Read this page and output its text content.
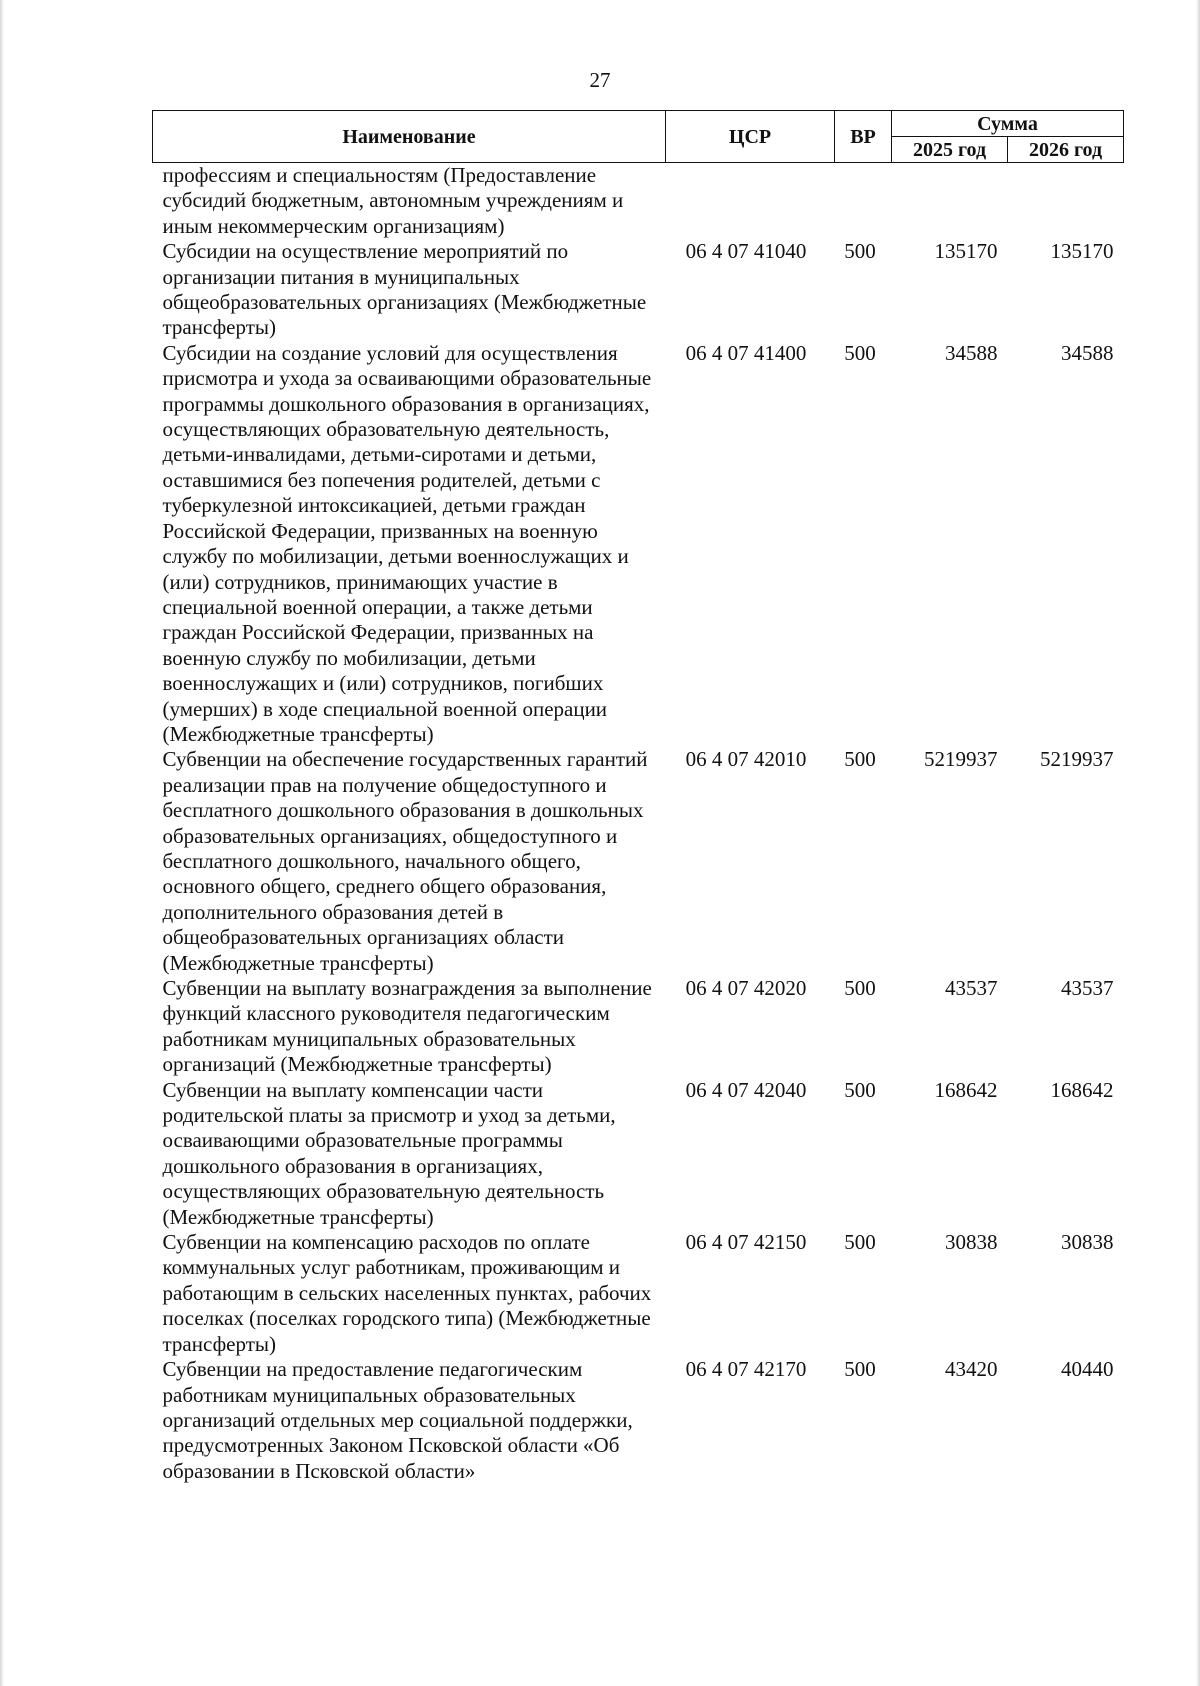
27
Наименование	ЦСР	ВР	Сумма	
			2025 год	2026 год
профессиям и специальностям (Предоставление субсидий бюджетным, автономным учреждениям и иным некоммерческим организациям)				
Субсидии на осуществление мероприятий по организации питания в муниципальных общеобразовательных организациях (Межбюджетные трансферты)	06 4 07 41040	500	135170	135170
Субсидии на создание условий для осуществления присмотра и ухода за осваивающими образовательные программы дошкольного образования в организациях, осуществляющих образовательную деятельность, детьми-инвалидами, детьми-сиротами и детьми, оставшимися без попечения родителей, детьми с туберкулезной интоксикацией, детьми граждан Российской Федерации, призванных на военную службу по мобилизации, детьми военнослужащих и (или) сотрудников, принимающих участие в специальной военной операции, а также детьми граждан Российской Федерации, призванных на военную службу по мобилизации, детьми военнослужащих и (или) сотрудников, погибших (умерших) в ходе специальной военной операции (Межбюджетные трансферты)	06 4 07 41400	500	34588	34588
Субвенции на обеспечение государственных гарантий реализации прав на получение общедоступного и бесплатного дошкольного образования в дошкольных образовательных организациях, общедоступного и бесплатного дошкольного, начального общего, основного общего, среднего общего образования, дополнительного образования детей в общеобразовательных организациях области (Межбюджетные трансферты)	06 4 07 42010	500	5219937	5219937
Субвенции на выплату вознаграждения за выполнение функций классного руководителя педагогическим работникам муниципальных образовательных организаций (Межбюджетные трансферты)	06 4 07 42020	500	43537	43537
Субвенции на выплату компенсации части родительской платы за присмотр и уход за детьми, осваивающими образовательные программы дошкольного образования в организациях, осуществляющих образовательную деятельность (Межбюджетные трансферты)	06 4 07 42040	500	168642	168642
Субвенции на компенсацию расходов по оплате коммунальных услуг работникам, проживающим и работающим в сельских населенных пунктах, рабочих поселках (поселках городского типа) (Межбюджетные трансферты)	06 4 07 42150	500	30838	30838
Субвенции на предоставление педагогическим работникам муниципальных образовательных организаций отдельных мер социальной поддержки, предусмотренных Законом Псковской области «Об образовании в Псковской области»	06 4 07 42170	500	43420	40440
